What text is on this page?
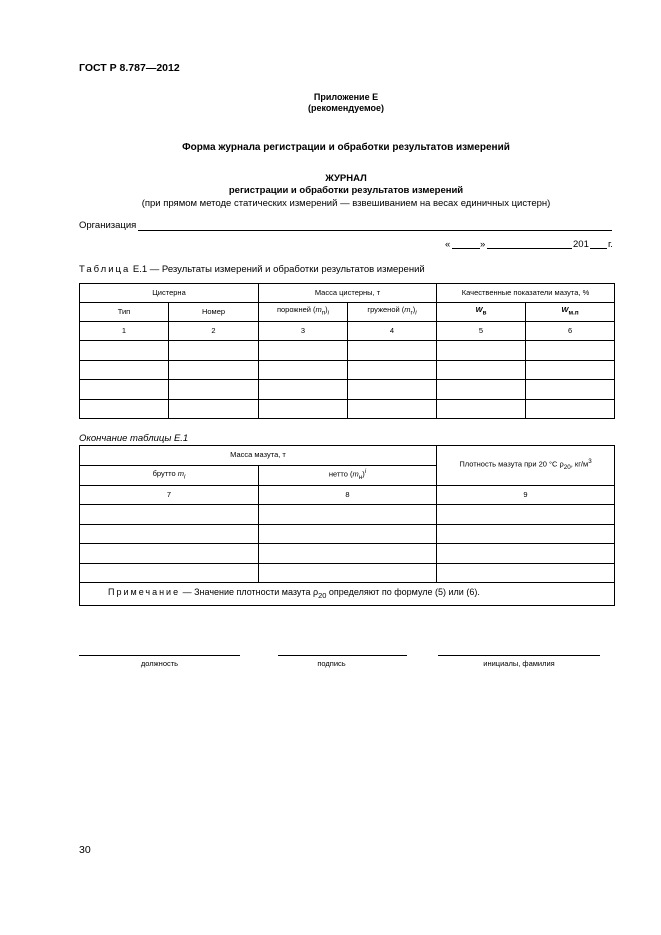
ГОСТ Р 8.787—2012
Приложение Е
(рекомендуемое)
Форма журнала регистрации и обработки результатов измерений
ЖУРНАЛ
регистрации и обработки результатов измерений
(при прямом методе статических измерений — взвешиванием на весах единичных цистерн)
Организация
«	»	201 г.
Таблица Е.1 — Результаты измерений и обработки результатов измерений
Цистерна		Масса цистерны, т		Качественные показатели мазута, %	
Тип	Номер	порожней $(m_п)_i$	груженой $(m_г)_i$	$W_в$	$W_{м.п}$
1	2	3	4	5	6

Окончание таблицы Е.1
Масса мазута, т		Плотность мазута при 20 °С $\rho_{20}$, $кг/м^3$
брутто $m_i$	нетто $(m_н)^i$
7	8	9

Примечание — Значение плотности мазута $\rho_{20}$ определяют по формуле (5) или (6).		
должность	подпись	инициалы, фамилия
30
